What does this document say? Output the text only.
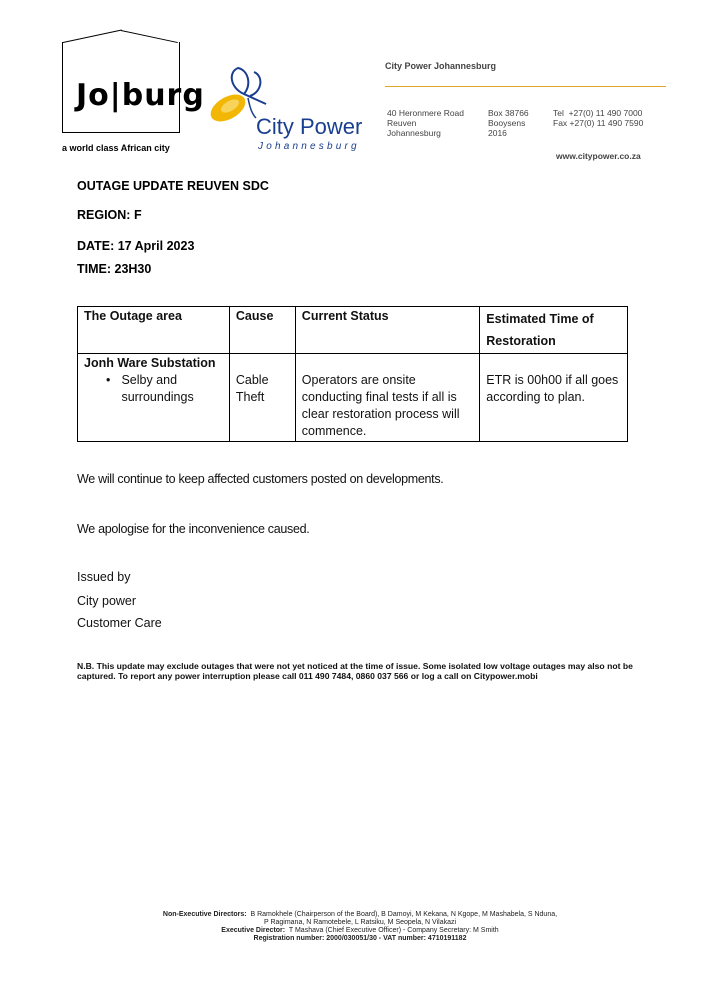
Jo|burg
a world class African city
City Power
Johannesburg
City Power Johannesburg
40 Heronmere Road
Reuven
Johannesburg
Box 38766
Booysens
2016
Tel  +27(0) 11 490 7000
Fax +27(0) 11 490 7590
www.citypower.co.za
OUTAGE UPDATE REUVEN SDC
REGION: F
DATE: 17 April 2023
TIME: 23H30
The Outage area	Cause	Current Status	Estimated Time of Restoration

Jonh Ware Substation
• Selby and surroundings	Cable Theft	Operators are onsite conducting final tests if all is clear restoration process will commence.	ETR is 00h00 if all goes according to plan.
We will continue to keep affected customers posted on developments.
We apologise for the inconvenience caused.
Issued by
City power
Customer Care
N.B. This update may exclude outages that were not yet noticed at the time of issue. Some isolated low voltage outages may also not be captured. To report any power interruption please call 011 490 7484, 0860 037 566 or log a call on Citypower.mobi
Non-Executive Directors: B Ramokhele (Chairperson of the Board), B Damoyi, M Kekana, N Kgope, M Mashabela, S Nduna,
P Ragimana, N Ramotebele, L Ratsiku, M Seopela, N Vilakazi
Executive Director: T Mashava (Chief Executive Officer) - Company Secretary: M Smith
Registration number: 2000/030051/30 - VAT number: 4710191182
